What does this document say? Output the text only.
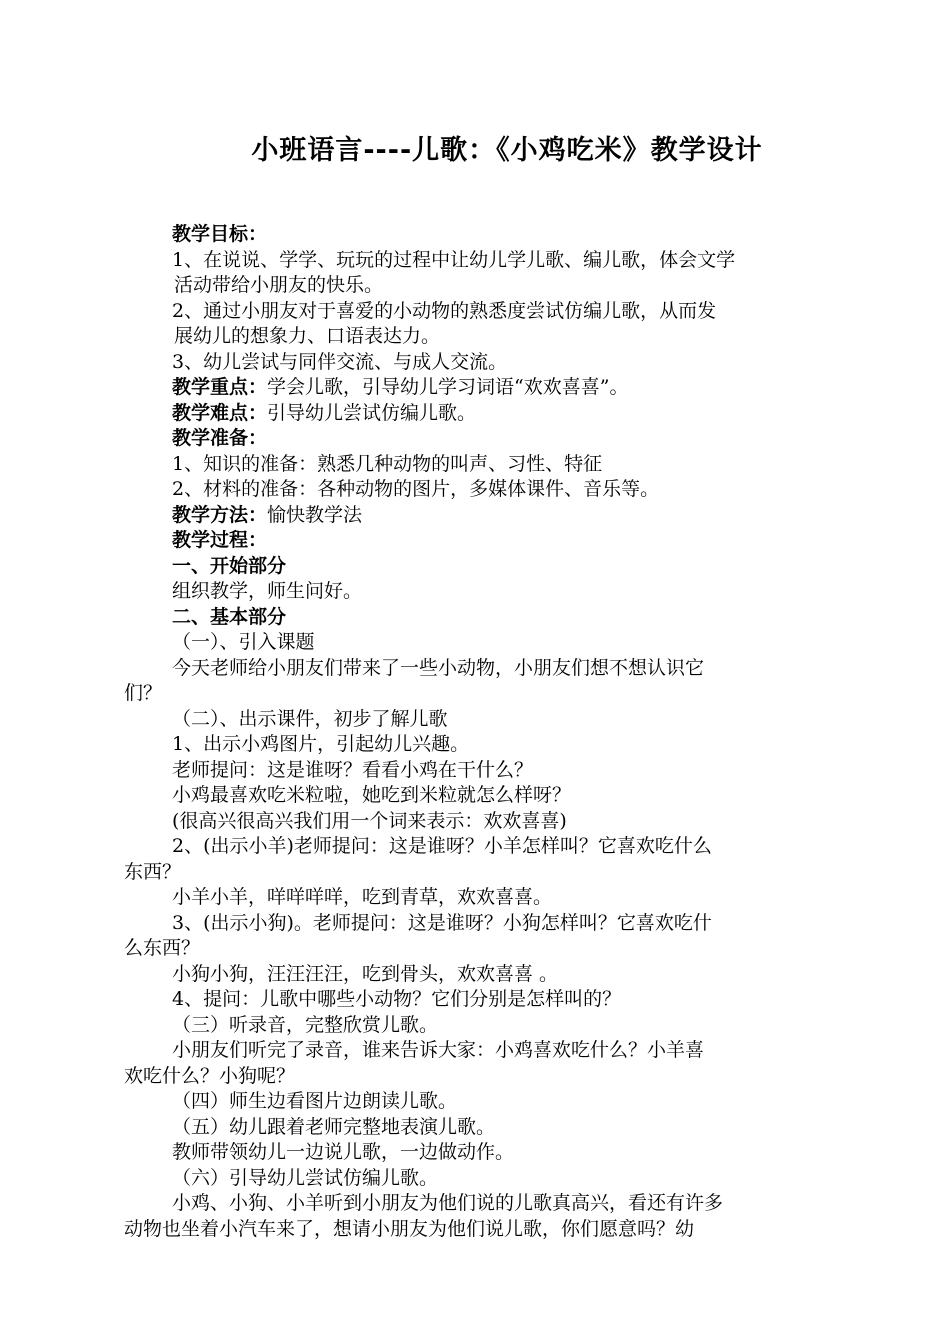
小班语言----儿歌：《小鸡吃米》教学设计
教学目标：
1、在说说、学学、玩玩的过程中让幼儿学儿歌、编儿歌，体会文学
活动带给小朋友的快乐。
2、通过小朋友对于喜爱的小动物的熟悉度尝试仿编儿歌，从而发
展幼儿的想象力、口语表达力。
3、幼儿尝试与同伴交流、与成人交流。
教学重点：学会儿歌，引导幼儿学习词语“欢欢喜喜”。
教学难点：引导幼儿尝试仿编儿歌。
教学准备：
1、知识的准备：熟悉几种动物的叫声、习性、特征
2、材料的准备：各种动物的图片，多媒体课件、音乐等。
教学方法：愉快教学法
教学过程：
一、开始部分
组织教学，师生问好。
二、基本部分
（一）、引入课题
今天老师给小朋友们带来了一些小动物，小朋友们想不想认识它
们？
（二）、出示课件，初步了解儿歌
1、出示小鸡图片，引起幼儿兴趣。
老师提问：这是谁呀？看看小鸡在干什么？
小鸡最喜欢吃米粒啦，她吃到米粒就怎么样呀？
(很高兴很高兴我们用一个词来表示：欢欢喜喜)
2、(出示小羊)老师提问：这是谁呀？小羊怎样叫？它喜欢吃什么
东西？
小羊小羊，咩咩咩咩，吃到青草，欢欢喜喜。
3、(出示小狗)。老师提问：这是谁呀？小狗怎样叫？它喜欢吃什
么东西？
小狗小狗，汪汪汪汪，吃到骨头，欢欢喜喜 。
4、提问：儿歌中哪些小动物？它们分别是怎样叫的？
（三）听录音，完整欣赏儿歌。
小朋友们听完了录音，谁来告诉大家：小鸡喜欢吃什么？小羊喜
欢吃什么？小狗呢？
（四）师生边看图片边朗读儿歌。
（五）幼儿跟着老师完整地表演儿歌。
教师带领幼儿一边说儿歌，一边做动作。
（六）引导幼儿尝试仿编儿歌。
小鸡、小狗、小羊听到小朋友为他们说的儿歌真高兴，看还有许多
动物也坐着小汽车来了，想请小朋友为他们说儿歌，你们愿意吗？幼
